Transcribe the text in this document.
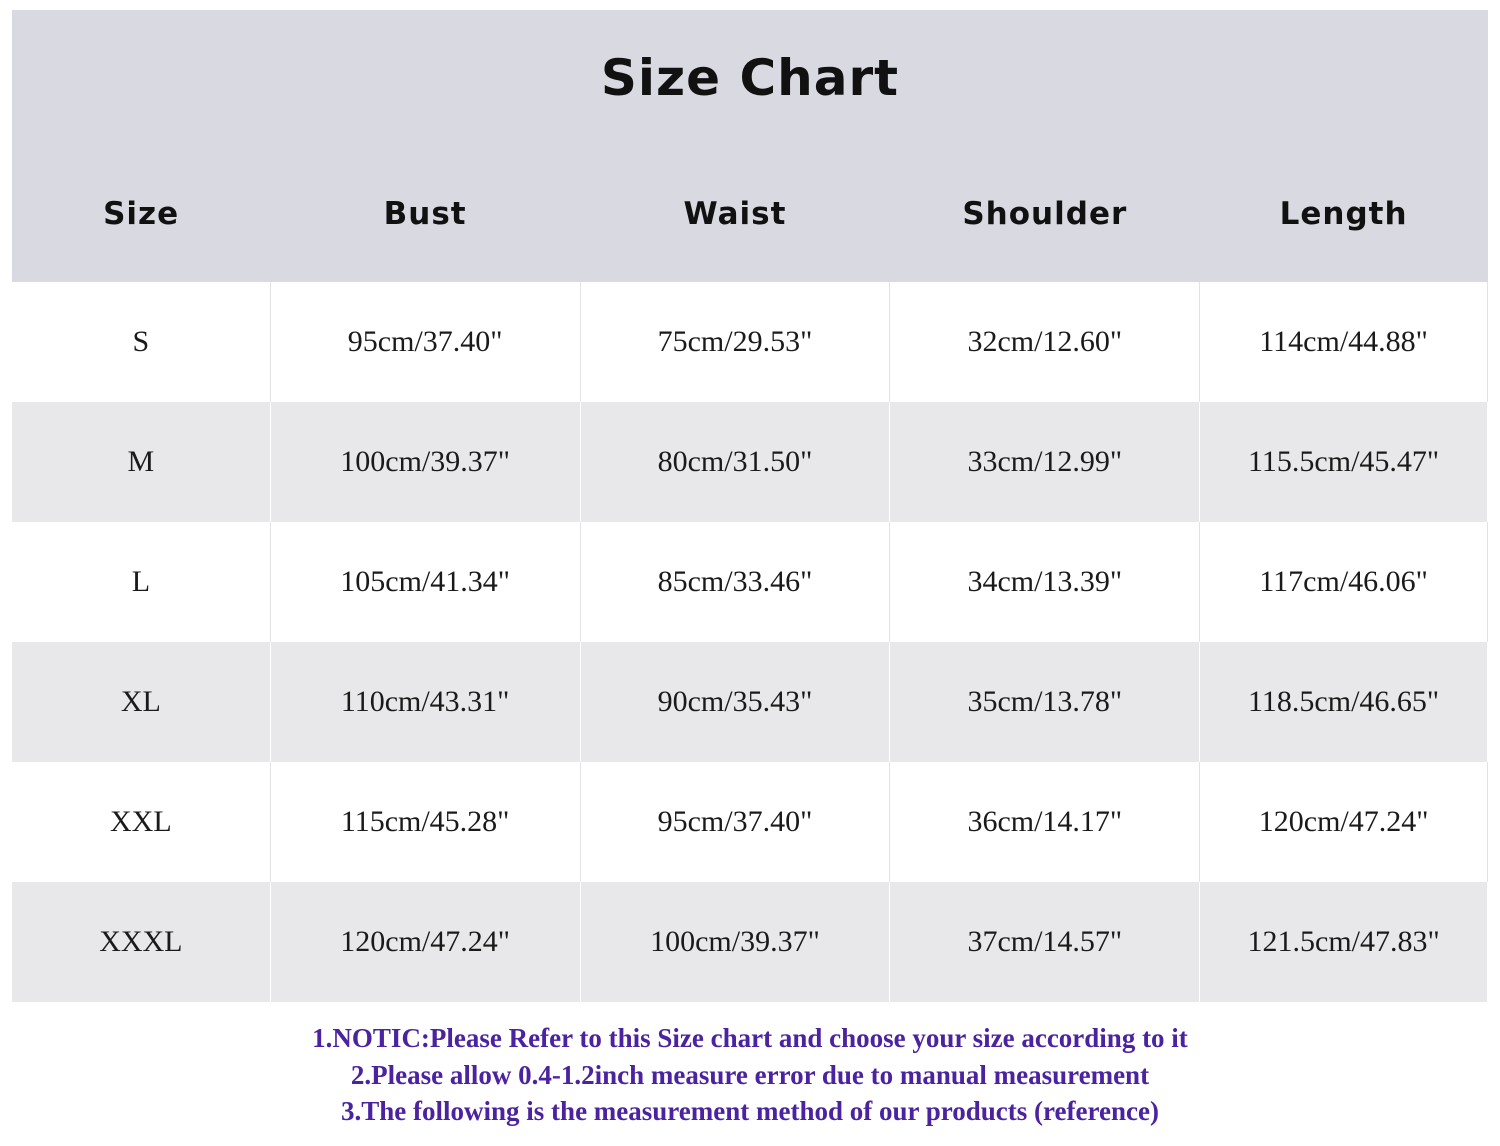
Size Chart
Size	Bust	Waist	Shoulder	Length
S	95cm/37.40"	75cm/29.53"	32cm/12.60"	114cm/44.88"
M	100cm/39.37"	80cm/31.50"	33cm/12.99"	115.5cm/45.47"
L	105cm/41.34"	85cm/33.46"	34cm/13.39"	117cm/46.06"
XL	110cm/43.31"	90cm/35.43"	35cm/13.78"	118.5cm/46.65"
XXL	115cm/45.28"	95cm/37.40"	36cm/14.17"	120cm/47.24"
XXXL	120cm/47.24"	100cm/39.37"	37cm/14.57"	121.5cm/47.83"
1.NOTIC:Please Refer to this Size chart and choose your size according to it
2.Please allow 0.4-1.2inch measure error due to manual measurement
3.The following is the measurement method of our products (reference)
